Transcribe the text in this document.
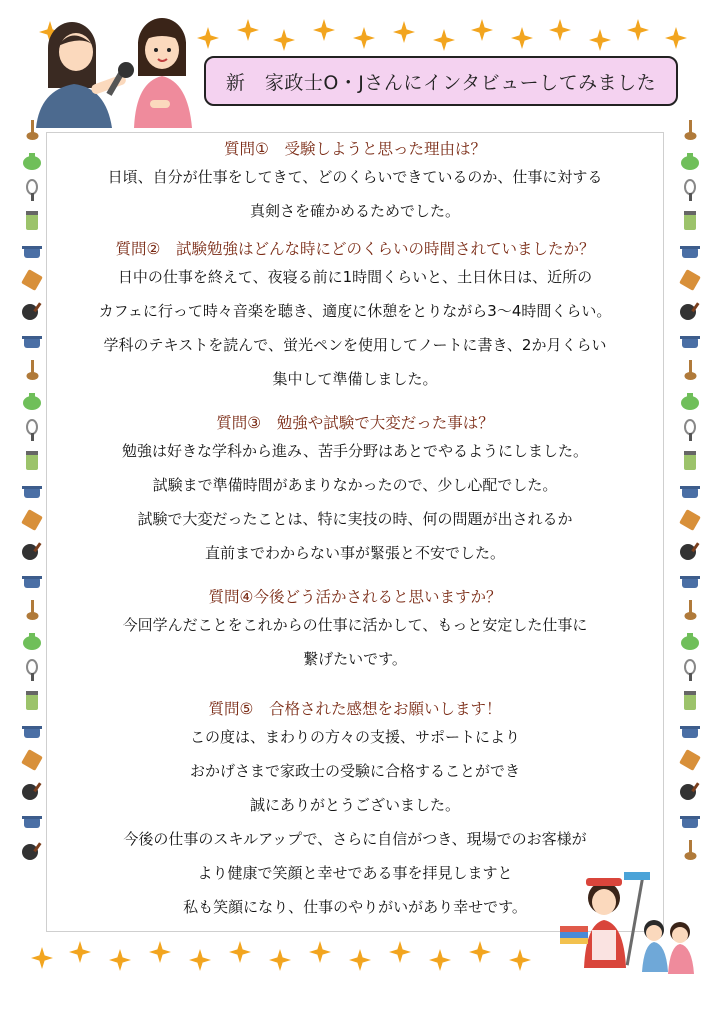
新　家政士O・Jさんにインタビューしてみました

質問①　受験しようと思った理由は？

日頃、自分が仕事をしてきて、どのくらいできているのか、仕事に対する

真剣さを確かめるためでした。

質問②　試験勉強はどんな時にどのくらいの時間されていましたか？

日中の仕事を終えて、夜寝る前に1時間くらいと、土日休日は、近所の

カフェに行って時々音楽を聴き、適度に休憩をとりながら3～4時間くらい。

学科のテキストを読んで、蛍光ペンを使用してノートに書き、2か月くらい

集中して準備しました。

質問③　勉強や試験で大変だった事は？

勉強は好きな学科から進み、苦手分野はあとでやるようにしました。

試験まで準備時間があまりなかったので、少し心配でした。

試験で大変だったことは、特に実技の時、何の問題が出されるか

直前までわからない事が緊張と不安でした。

質問④今後どう活かされると思いますか？

今回学んだことをこれからの仕事に活かして、もっと安定した仕事に

繋げたいです。

質問⑤　合格された感想をお願いします！

この度は、まわりの方々の支援、サポートにより

おかげさまで家政士の受験に合格することができ

誠にありがとうございました。

今後の仕事のスキルアップで、さらに自信がつき、現場でのお客様が

より健康で笑顔と幸せである事を拝見しますと

私も笑顔になり、仕事のやりがいがあり幸せです。
